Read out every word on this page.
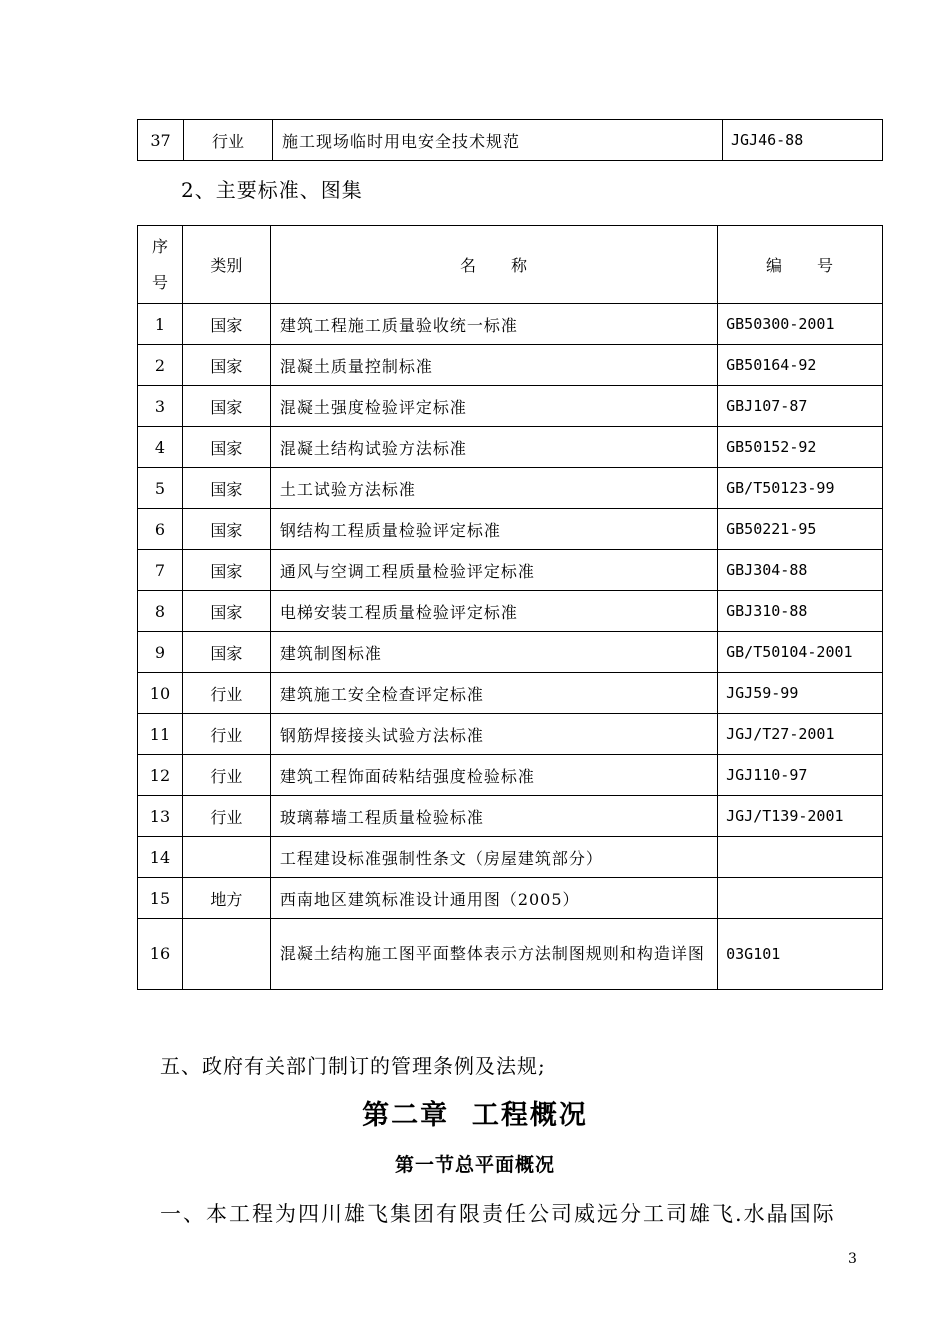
37	行业	施工现场临时用电安全技术规范	JGJ46-88
2、主要标准、图集
序
号	类别	名　　称	编　　号
1	国家	建筑工程施工质量验收统一标准	GB50300-2001
2	国家	混凝土质量控制标准	GB50164-92
3	国家	混凝土强度检验评定标准	GBJ107-87
4	国家	混凝土结构试验方法标准	GB50152-92
5	国家	土工试验方法标准	GB/T50123-99
6	国家	钢结构工程质量检验评定标准	GB50221-95
7	国家	通风与空调工程质量检验评定标准	GBJ304-88
8	国家	电梯安装工程质量检验评定标准	GBJ310-88
9	国家	建筑制图标准	GB/T50104-2001
10	行业	建筑施工安全检查评定标准	JGJ59-99
11	行业	钢筋焊接接头试验方法标准	JGJ/T27-2001
12	行业	建筑工程饰面砖粘结强度检验标准	JGJ110-97
13	行业	玻璃幕墙工程质量检验标准	JGJ/T139-2001
14		工程建设标准强制性条文（房屋建筑部分）	
15	地方	西南地区建筑标准设计通用图（2005）	
16		混凝土结构施工图平面整体表示方法制图规则和构造详图	03G101
五、政府有关部门制订的管理条例及法规;
第二章  工程概况
第一节总平面概况
一、本工程为四川雄飞集团有限责任公司威远分工司雄飞.水晶国际
3
